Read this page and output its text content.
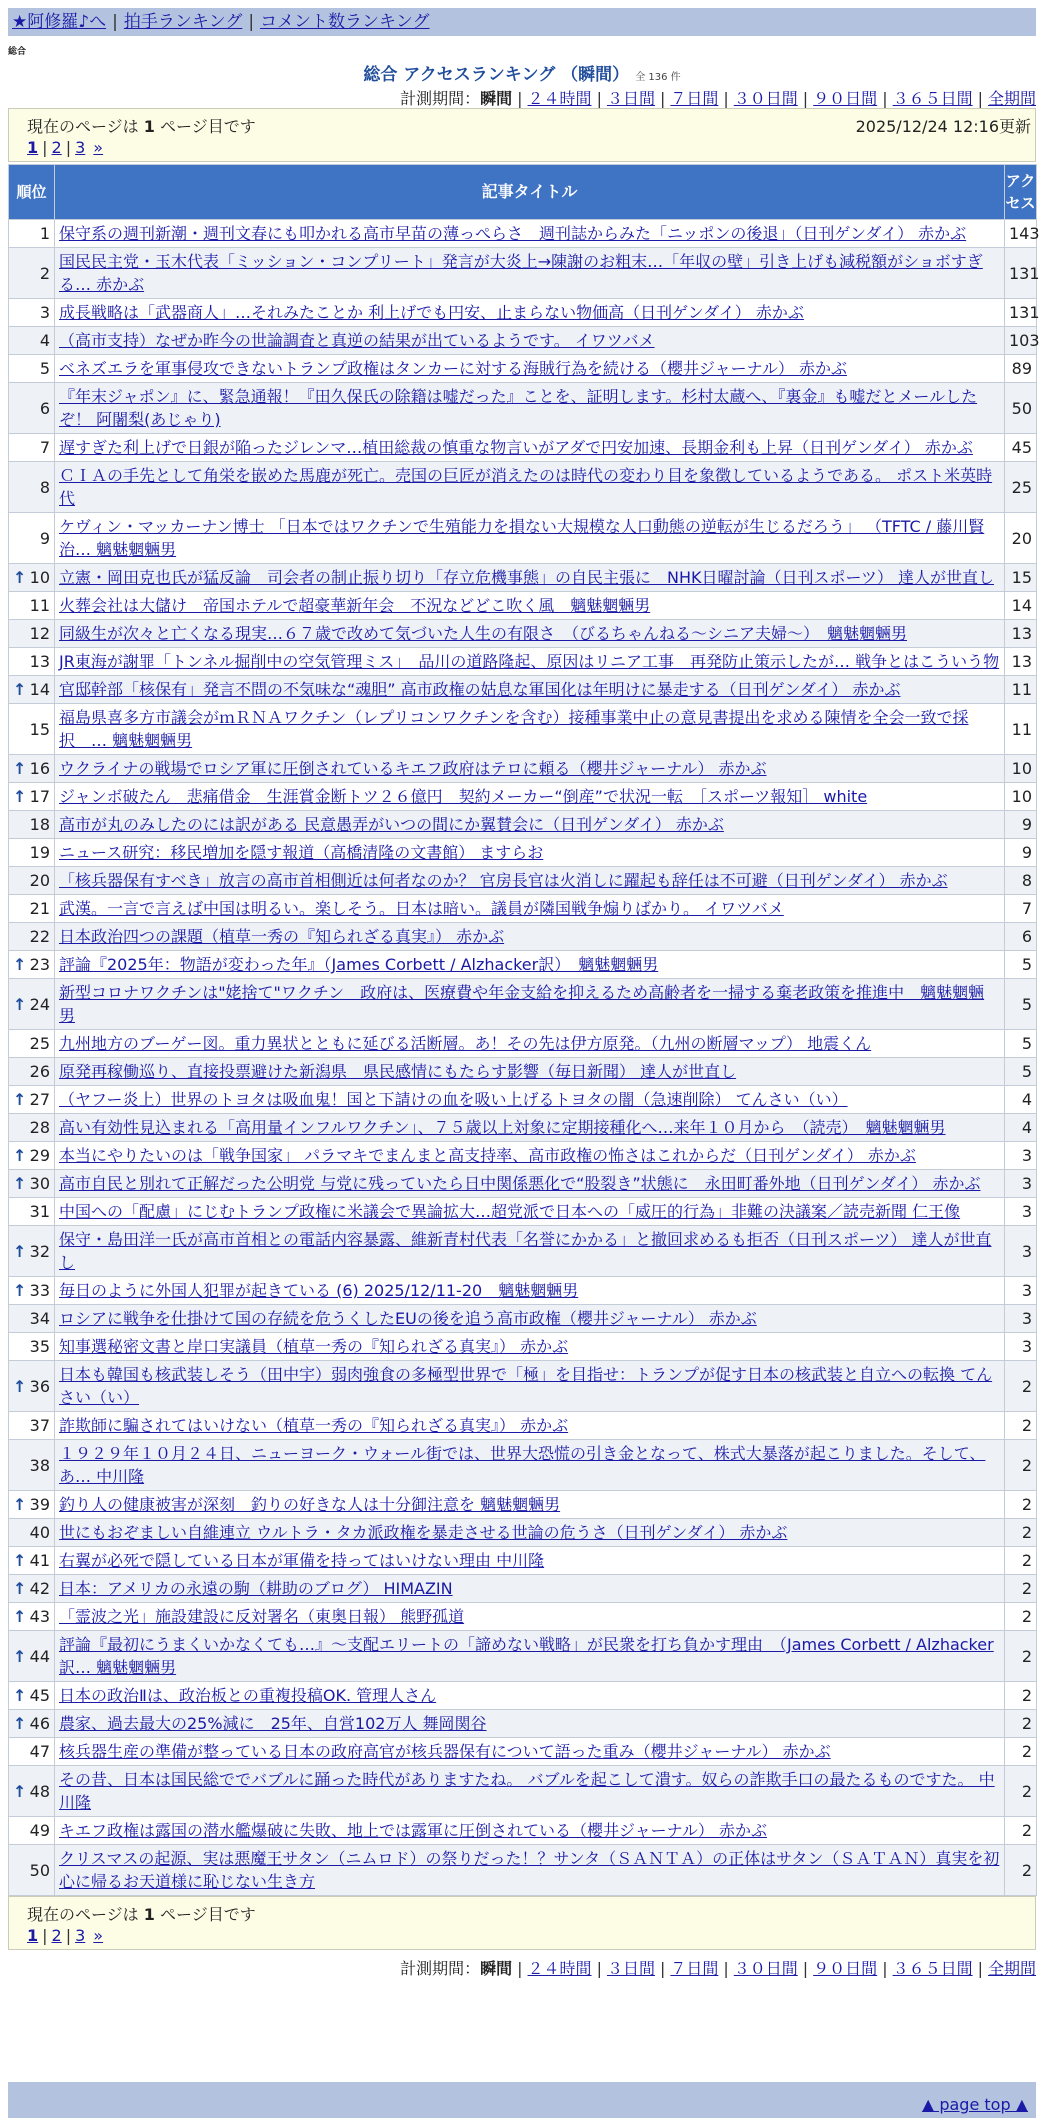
★阿修羅♪へ | 拍手ランキング | コメント数ランキング
総合
総合 アクセスランキング （瞬間） 全 136 件
計測期間：瞬間 | ２４時間 | ３日間 | ７日間 | ３０日間 | ９０日間 | ３６５日間 | 全期間
現在のページは 1 ページ目です	2025/12/24 12:16更新
1 | 2 | 3 »
順位	記事タイトル	アクセス
1	保守系の週刊新潮・週刊文春にも叩かれる高市早苗の薄っぺらさ　週刊誌からみた「ニッポンの後退」（日刊ゲンダイ） 赤かぶ	143
2	国民民主党・玉木代表「ミッション・コンプリート」発言が大炎上→陳謝のお粗末…「年収の壁」引き上げも減税額がショボすぎる… 赤かぶ	131
3	成長戦略は「武器商人」…それみたことか 利上げでも円安、止まらない物価高（日刊ゲンダイ） 赤かぶ	131
4	（高市支持）なぜか昨今の世論調査と真逆の結果が出ているようです。 イワツバメ	103
5	ベネズエラを軍事侵攻できないトランプ政権はタンカーに対する海賊行為を続ける（櫻井ジャーナル） 赤かぶ	89
6	『年末ジャポン』に、緊急通報！『田久保氏の除籍は嘘だった』ことを、証明します。杉村太蔵へ、『裏金』も嘘だとメールしたぞ！ 阿闍梨(あじゃり)	50
7	遅すぎた利上げで日銀が陥ったジレンマ…植田総裁の慎重な物言いがアダで円安加速、長期金利も上昇（日刊ゲンダイ） 赤かぶ	45
8	ＣＩＡの手先として角栄を嵌めた馬鹿が死亡。売国の巨匠が消えたのは時代の変わり目を象徴しているようである。 ポスト米英時代	25
9	ケヴィン・マッカーナン博士 「日本ではワクチンで生殖能力を損ない大規模な人口動態の逆転が生じるだろう」 （TFTC / 藤川賢治… 魑魅魍魎男	20

↑ 10	立憲・岡田克也氏が猛反論　司会者の制止振り切り「存立危機事態」の自民主張に　NHK日曜討論（日刊スポーツ） 達人が世直し	15
11	火葬会社は大儲け　帝国ホテルで超豪華新年会　不況などどこ吹く風　魑魅魍魎男	14
12	同級生が次々と亡くなる現実…６７歳で改めて気づいた人生の有限さ　（びるちゃんねる～シニア夫婦～）　魑魅魍魎男	13
13	JR東海が謝罪「トンネル掘削中の空気管理ミス」　品川の道路隆起、原因はリニア工事　再発防止策示したが… 戦争とはこういう物	13

↑ 14	官邸幹部「核保有」発言不問の不気味な“魂胆” 高市政権の姑息な軍国化は年明けに暴走する（日刊ゲンダイ） 赤かぶ	11
15	福島県喜多方市議会がｍＲＮＡワクチン（レプリコンワクチンを含む）接種事業中止の意見書提出を求める陳情を全会一致で採択　… 魑魅魍魎男	11

↑ 16	ウクライナの戦場でロシア軍に圧倒されているキエフ政府はテロに頼る（櫻井ジャーナル） 赤かぶ	10

↑ 17	ジャンボ破たん　悲痛借金　生涯賞金断トツ２６億円　契約メーカー“倒産”で状況一転　［スポーツ報知］ white	10
18	高市が丸のみしたのには訳がある 民意愚弄がいつの間にか翼賛会に（日刊ゲンダイ） 赤かぶ	9
19	ニュース研究：移民増加を隠す報道（高橋清隆の文書館） ますらお	9
20	「核兵器保有すべき」放言の高市首相側近は何者なのか？ 官房長官は火消しに躍起も辞任は不可避（日刊ゲンダイ） 赤かぶ	8
21	武漢。一言で言えば中国は明るい。楽しそう。日本は暗い。議員が隣国戦争煽りばかり。 イワツバメ	7
22	日本政治四つの課題（植草一秀の『知られざる真実』） 赤かぶ	6

↑ 23	評論『2025年：物語が変わった年』（James Corbett / Alzhacker訳）　魑魅魍魎男	5

↑ 24	新型コロナワクチンは"姥捨て"ワクチン　政府は、医療費や年金支給を抑えるため高齢者を一掃する棄老政策を推進中　魑魅魍魎男	5
25	九州地方のブーゲー図。重力異状とともに延びる活断層。あ！その先は伊方原発。（九州の断層マップ） 地震くん	5
26	原発再稼働巡り、直接投票避けた新潟県　県民感情にもたらす影響（毎日新聞） 達人が世直し	5

↑ 27	（ヤフー炎上）世界のトヨタは吸血鬼！国と下請けの血を吸い上げるトヨタの闇（急速削除） てんさい（い）	4
28	高い有効性見込まれる「高用量インフルワクチン」、７５歳以上対象に定期接種化へ…来年１０月から　（読売）　魑魅魍魎男	4

↑ 29	本当にやりたいのは「戦争国家」 パラマキでまんまと高支持率、高市政権の怖さはこれからだ（日刊ゲンダイ） 赤かぶ	3

↑ 30	高市自民と別れて正解だった公明党 与党に残っていたら日中関係悪化で“股裂き”状態に　永田町番外地（日刊ゲンダイ） 赤かぶ	3
31	中国への「配慮」にじむトランプ政権に米議会で異論拡大…超党派で日本への「威圧的行為」非難の決議案／読売新聞 仁王像	3

↑ 32	保守・島田洋一氏が高市首相との電話内容暴露、維新青村代表「名誉にかかる」と撤回求めるも拒否（日刊スポーツ） 達人が世直し	3

↑ 33	毎日のように外国人犯罪が起きている (6) 2025/12/11-20　魑魅魍魎男	3
34	ロシアに戦争を仕掛けて国の存続を危うくしたEUの後を追う高市政権（櫻井ジャーナル） 赤かぶ	3
35	知事選秘密文書と岸口実議員（植草一秀の『知られざる真実』） 赤かぶ	3

↑ 36	日本も韓国も核武装しそう（田中宇）弱肉強食の多極型世界で「極」を目指せ：トランプが促す日本の核武装と自立への転換 てんさい（い）	2
37	詐欺師に騙されてはいけない（植草一秀の『知られざる真実』） 赤かぶ	2
38	１９２９年１０月２４日、ニューヨーク・ウォール街では、世界大恐慌の引き金となって、株式大暴落が起こりました。そして、あ… 中川隆	2

↑ 39	釣り人の健康被害が深刻　釣りの好きな人は十分御注意を 魑魅魍魎男	2
40	世にもおぞましい自維連立 ウルトラ・タカ派政権を暴走させる世論の危うさ（日刊ゲンダイ） 赤かぶ	2

↑ 41	右翼が必死で隠している日本が軍備を持ってはいけない理由 中川隆	2

↑ 42	日本：アメリカの永遠の駒（耕助のブログ） HIMAZIN	2

↑ 43	「霊波之光」施設建設に反対署名（東奥日報） 熊野孤道	2

↑ 44	評論『最初にうまくいかなくても…』～支配エリートの「諦めない戦略」が民衆を打ち負かす理由　（James Corbett / Alzhacker訳… 魑魅魍魎男	2

↑ 45	日本の政治Ⅱは、政治板との重複投稿OK. 管理人さん	2

↑ 46	農家、過去最大の25%減に　25年、自営102万人 舞岡関谷	2
47	核兵器生産の準備が整っている日本の政府高官が核兵器保有について語った重み（櫻井ジャーナル） 赤かぶ	2

↑ 48	その昔、日本は国民総ででバブルに踊った時代がありますたね。 バブルを起こして潰す。奴らの詐欺手口の最たるものですた。 中川隆	2
49	キエフ政権は露国の潜水艦爆破に失敗、地上では露軍に圧倒されている（櫻井ジャーナル） 赤かぶ	2
50	クリスマスの起源、実は悪魔王サタン（ニムロド）の祭りだった！？サンタ（ＳＡＮＴＡ）の正体はサタン（ＳＡＴＡＮ）真実を初心に帰るお天道様に恥じない生き方	2
現在のページは 1 ページ目です
1 | 2 | 3 »
計測期間：瞬間 | ２４時間 | ３日間 | ７日間 | ３０日間 | ９０日間 | ３６５日間 | 全期間
▲ page top ▲
